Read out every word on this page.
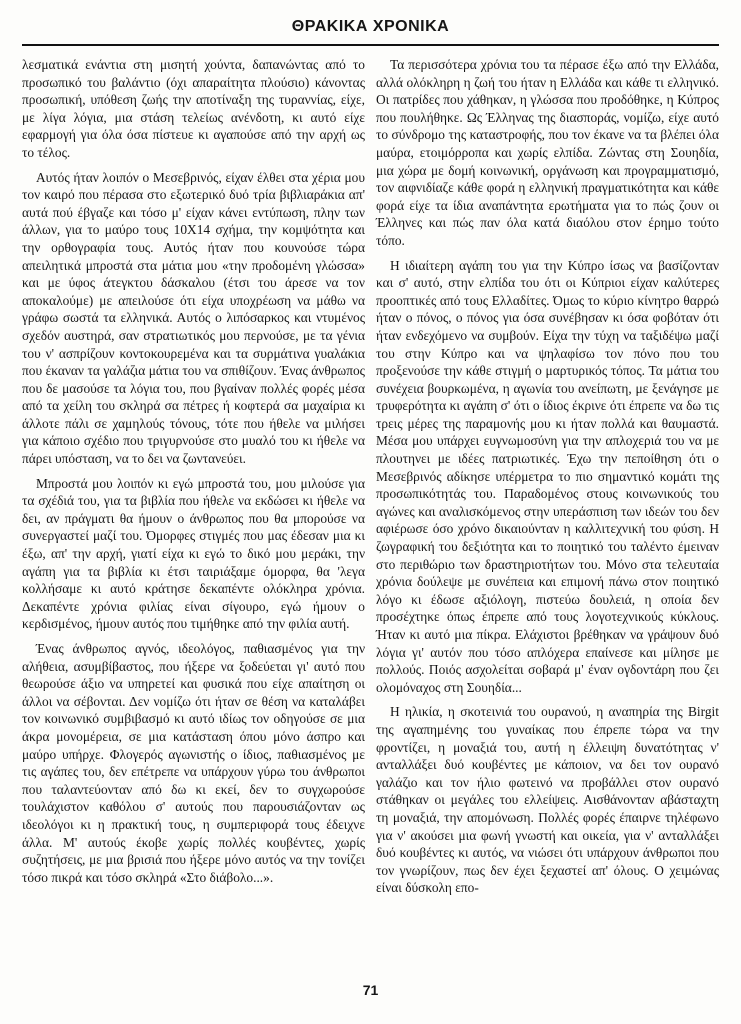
ΘΡΑΚΙΚΑ ΧΡΟΝΙΚΑ

λεσματικά ενάντια στη μισητή χούντα, δαπανώντας από το προσωπικό του βαλάντιο (όχι απαραίτητα πλούσιο) κάνοντας προσωπική, υπόθεση ζωής την αποτίναξη της τυραννίας, είχε, με λίγα λόγια, μια στάση τελείως ανένδοτη, κι αυτό είχε εφαρμογή για όλα όσα πίστευε κι αγαπούσε από την αρχή ως το τέλος.

Αυτός ήταν λοιπόν ο Μεσεβρινός, είχαν έλθει στα χέρια μου τον καιρό που πέρασα στο εξωτερικό δυό τρία βιβλιαράκια απ' αυτά πού έβγαζε και τόσο μ' είχαν κάνει εντύπωση, πλην των άλλων, για το μαύρο τους 10Χ14 σχήμα, την κομψότητα και την ορθογραφία τους. Αυτός ήταν που κουνούσε τώρα απειλητικά μπροστά στα μάτια μου «την προδομένη γλώσσα» και με ύφος άτεγκτου δάσκαλου (έτσι του άρεσε να τον αποκαλούμε) με απειλούσε ότι είχα υποχρέωση να μάθω να γράφω σωστά τα ελληνικά. Αυτός ο λιπόσαρκος και ντυμένος σχεδόν αυστηρά, σαν στρατιωτικός μου περνούσε, με τα γένια του ν' ασπρίζουν κοντοκουρεμένα και τα συρμάτινα γυαλάκια που έκαναν τα γαλάζια μάτια του να σπιθίζουν. Ένας άνθρωπος που δε μασούσε τα λόγια του, που βγαίναν πολλές φορές μέσα από τα χείλη του σκληρά σα πέτρες ή κοφτερά σα μαχαίρια κι άλλοτε πάλι σε χαμηλούς τόνους, τότε που ήθελε να μιλήσει για κάποιο σχέδιο που τριγυρνούσε στο μυαλό του κι ήθελε να πάρει υπόσταση, να το δει να ζωντανεύει.

Μπροστά μου λοιπόν κι εγώ μπροστά του, μου μιλούσε για τα σχέδιά του, για τα βιβλία που ήθελε να εκδώσει κι ήθελε να δει, αν πράγματι θα ήμουν ο άνθρωπος που θα μπορούσε να συνεργαστεί μαζί του. Όμορφες στιγμές που μας έδεσαν μια κι έξω, απ' την αρχή, γιατί είχα κι εγώ το δικό μου μεράκι, την αγάπη για τα βιβλία κι έτσι ταιριάξαμε όμορφα, θα 'λεγα κολλήσαμε κι αυτό κράτησε δεκαπέντε ολόκληρα χρόνια. Δεκαπέντε χρόνια φιλίας είναι σίγουρο, εγώ ήμουν ο κερδισμένος, ήμουν αυτός που τιμήθηκε από την φιλία αυτή.

Ένας άνθρωπος αγνός, ιδεολόγος, παθιασμένος για την αλήθεια, ασυμβίβαστος, που ήξερε να ξοδεύεται γι' αυτό που θεωρούσε άξιο να υπηρετεί και φυσικά που είχε απαίτηση οι άλλοι να σέβονται. Δεν νομίζω ότι ήταν σε θέση να καταλάβει τον κοινωνικό συμβιβασμό κι αυτό ιδίως τον οδηγούσε σε μια άκρα μονομέρεια, σε μια κατάσταση όπου μόνο άσπρο και μαύρο υπήρχε. Φλογερός αγωνιστής ο ίδιος, παθιασμένος με τις αγάπες του, δεν επέτρεπε να υπάρχουν γύρω του άνθρωποι που ταλαντεύονταν από δω κι εκεί, δεν το συγχωρούσε τουλάχιστον καθόλου σ' αυτούς που παρουσιάζονταν ως ιδεολόγοι κι η πρακτική τους, η συμπεριφορά τους έδειχνε άλλα. Μ' αυτούς έκοβε χωρίς πολλές κουβέντες, χωρίς συζητήσεις, με μια βρισιά που ήξερε μόνο αυτός να την τονίζει τόσο πικρά και τόσο σκληρά «Στο διάβολο...».

Τα περισσότερα χρόνια του τα πέρασε έξω από την Ελλάδα, αλλά ολόκληρη η ζωή του ήταν η Ελλάδα και κάθε τι ελληνικό. Οι πατρίδες που χάθηκαν, η γλώσσα που προδόθηκε, η Κύπρος που πουλήθηκε. Ως Έλληνας της διασποράς, νομίζω, είχε αυτό το σύνδρομο της καταστροφής, που τον έκανε να τα βλέπει όλα μαύρα, ετοιμόρροπα και χωρίς ελπίδα. Ζώντας στη Σουηδία, μια χώρα με δομή κοινωνική, οργάνωση και προγραμματισμό, τον αιφνιδίαζε κάθε φορά η ελληνική πραγματικότητα και κάθε φορά είχε τα ίδια αναπάντητα ερωτήματα για το πώς ζουν οι Έλληνες και πώς παν όλα κατά διαόλου στον έρημο τούτο τόπο.

Η ιδιαίτερη αγάπη του για την Κύπρο ίσως να βασίζονταν και σ' αυτό, στην ελπίδα του ότι οι Κύπριοι είχαν καλύτερες προοπτικές από τους Ελλαδίτες. Όμως το κύριο κίνητρο θαρρώ ήταν ο πόνος, ο πόνος για όσα συνέβησαν κι όσα φοβόταν ότι ήταν ενδεχόμενο να συμβούν. Είχα την τύχη να ταξιδέψω μαζί του στην Κύπρο και να ψηλαφίσω τον πόνο που του προξενούσε την κάθε στιγμή ο μαρτυρικός τόπος. Τα μάτια του συνέχεια βουρκωμένα, η αγωνία του ανείπωτη, με ξενάγησε με τρυφερότητα κι αγάπη σ' ότι ο ίδιος έκρινε ότι έπρεπε να δω τις τρεις μέρες της παραμονής μου κι ήταν πολλά και θαυμαστά. Μέσα μου υπάρχει ευγνωμοσύνη για την απλοχεριά του να με πλουτηνει με ιδέες πατριωτικές. Έχω την πεποίθηση ότι ο Μεσεβρινός αδίκησε υπέρμετρα το πιο σημαντικό κομάτι της προσωπικότητάς του. Παραδομένος στους κοινωνικούς του αγώνες και αναλισκόμενος στην υπεράσπιση των ιδεών του δεν αφιέρωσε όσο χρόνο δικαιούνταν η καλλιτεχνική του φύση. Η ζωγραφική του δεξιότητα και το ποιητικό του ταλέντο έμειναν στο περιθώριο των δραστηριοτήτων του. Μόνο στα τελευταία χρόνια δούλεψε με συνέπεια και επιμονή πάνω στον ποιητικό λόγο κι έδωσε αξιόλογη, πιστεύω δουλειά, η οποία δεν προσέχτηκε όπως έπρεπε από τους λογοτεχνικούς κύκλους. Ήταν κι αυτό μια πίκρα. Ελάχιστοι βρέθηκαν να γράψουν δυό λόγια γι' αυτόν που τόσο απλόχερα επαίνεσε και μίλησε με πολλούς. Ποιός ασχολείται σοβαρά μ' έναν ογδοντάρη που ζει ολομόναχος στη Σουηδία...

Η ηλικία, η σκοτεινιά του ουρανού, η αναπηρία της Birgit της αγαπημένης του γυναίκας που έπρεπε τώρα να την φροντίζει, η μοναξιά του, αυτή η έλλειψη δυνατότητας ν' ανταλλάξει δυό κουβέντες με κάποιον, να δει τον ουρανό γαλάζιο και τον ήλιο φωτεινό να προβάλλει στον ουρανό στάθηκαν οι μεγάλες του ελλείψεις. Αισθάνονταν αβάσταχτη τη μοναξιά, την απομόνωση. Πολλές φορές έπαιρνε τηλέφωνο για ν' ακούσει μια φωνή γνωστή και οικεία, για ν' ανταλλάξει δυό κουβέντες κι αυτός, να νιώσει ότι υπάρχουν άνθρωποι που τον γνωρίζουν, πως δεν έχει ξεχαστεί απ' όλους. Ο χειμώνας είναι δύσκολη επο-

71
